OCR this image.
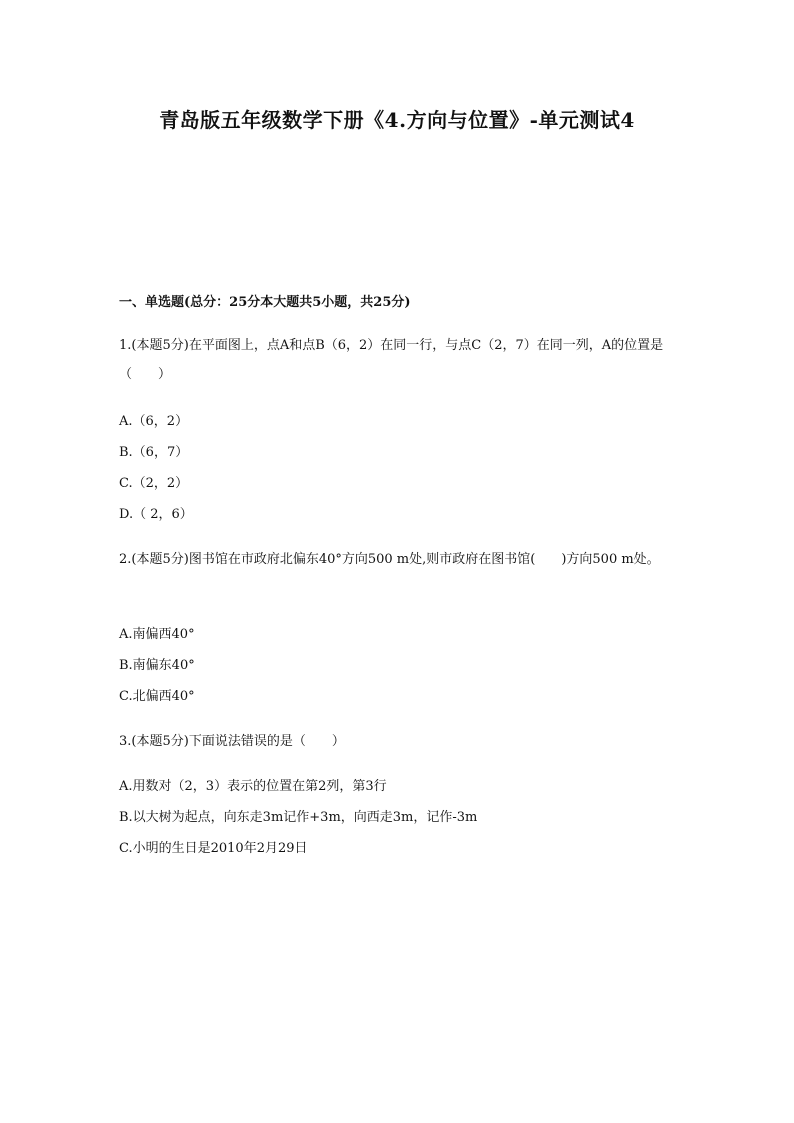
青岛版五年级数学下册《4.方向与位置》-单元测试4
一、单选题(总分：25分本大题共5小题，共25分)

1.(本题5分)在平面图上，点A和点B（6，2）在同一行，与点C（2，7）在同一列，A的位置是（　　）

A.（6，2）

B.（6，7）

C.（2，2）

D.（ 2，6）

2.(本题5分)图书馆在市政府北偏东40°方向500 m处,则市政府在图书馆(　　)方向500 m处。

A.南偏西40°

B.南偏东40°

C.北偏西40°

3.(本题5分)下面说法错误的是（　　）

A.用数对（2，3）表示的位置在第2列，第3行

B.以大树为起点，向东走3m记作+3m，向西走3m，记作-3m

C.小明的生日是2010年2月29日
